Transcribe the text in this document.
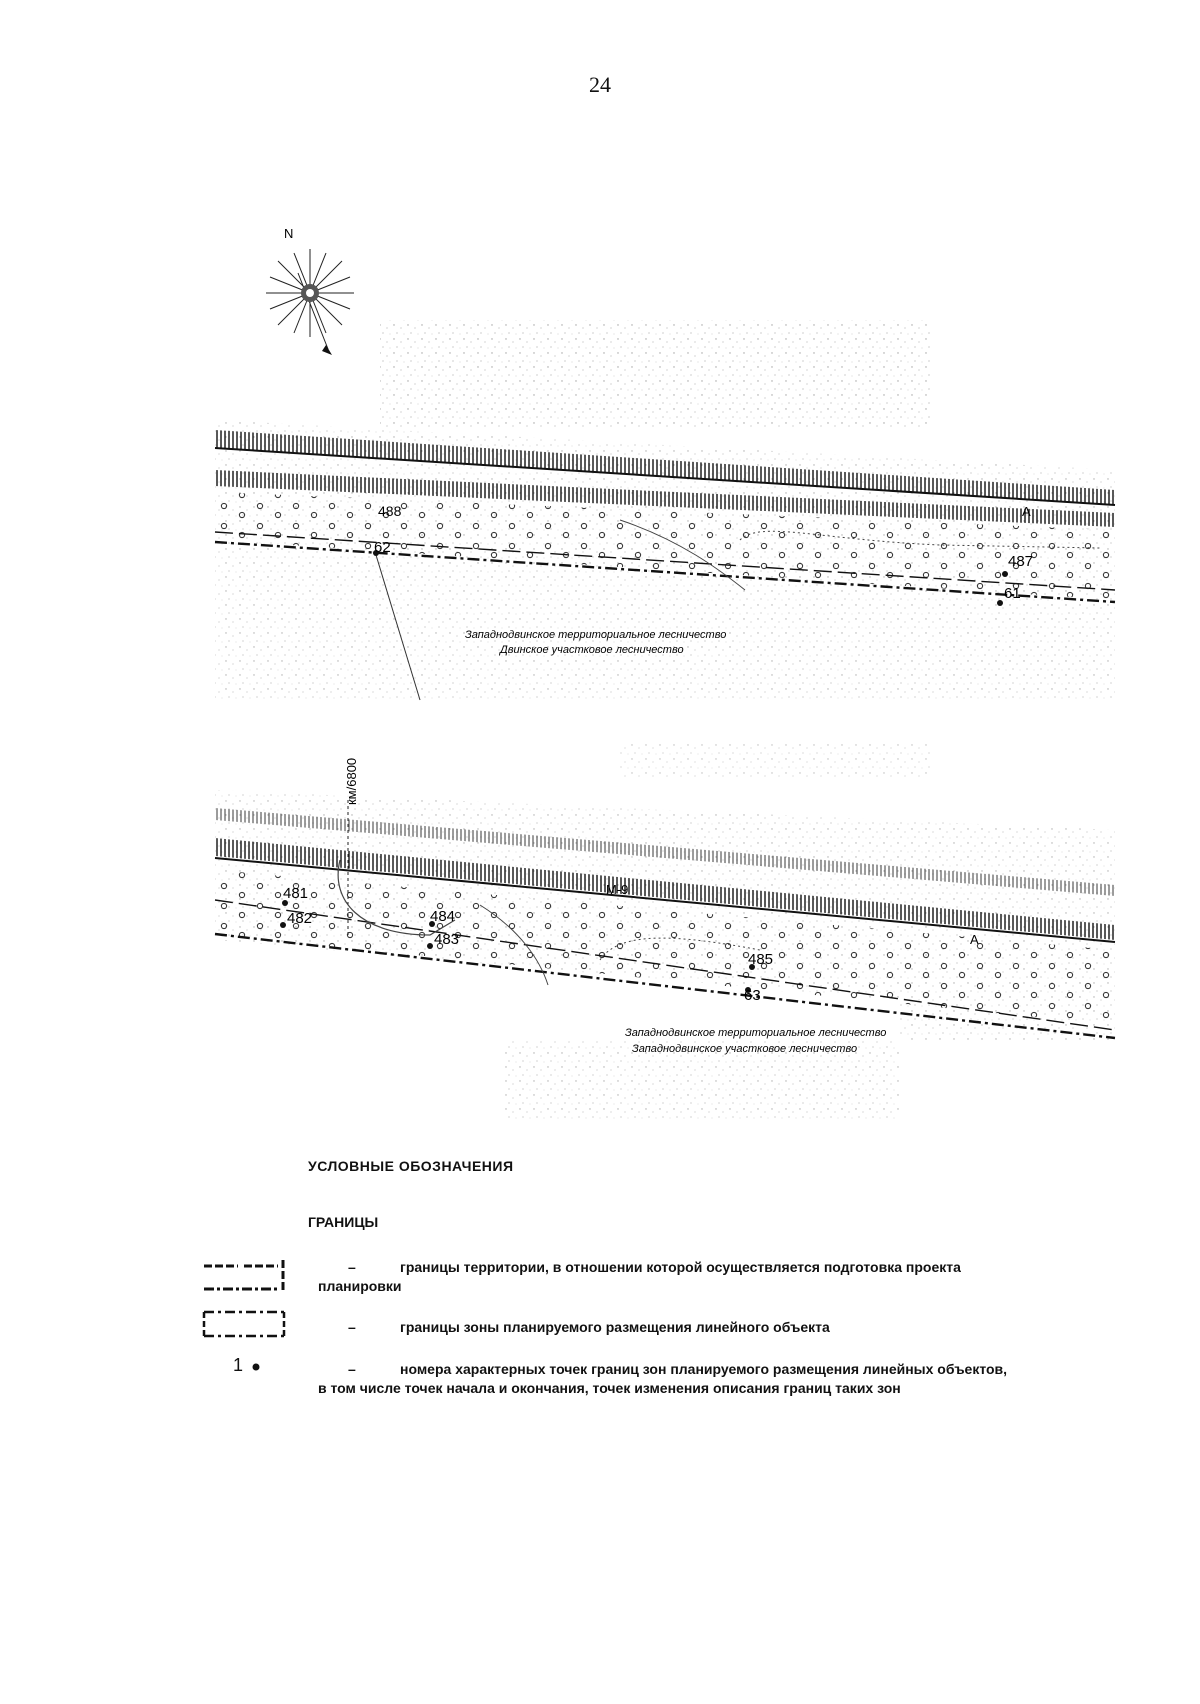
24
N
488
62
487
61
А
Западнодвинское территориальное лесничество
Двинское участковое лесничество
км/6800
481
482	484
483
М-9
А
485
63
Западнодвинское территориальное лесничество
Западнодвинское участковое лесничество
УСЛОВНЫЕ ОБОЗНАЧЕНИЯ
ГРАНИЦЫ
–	границы территории, в отношении которой осуществляется подготовка проекта
планировки
–	границы зоны планируемого размещения линейного объекта
1	–	номера характерных точек границ зон планируемого размещения линейных объектов,
в том числе точек начала и окончания, точек изменения описания границ таких зон
